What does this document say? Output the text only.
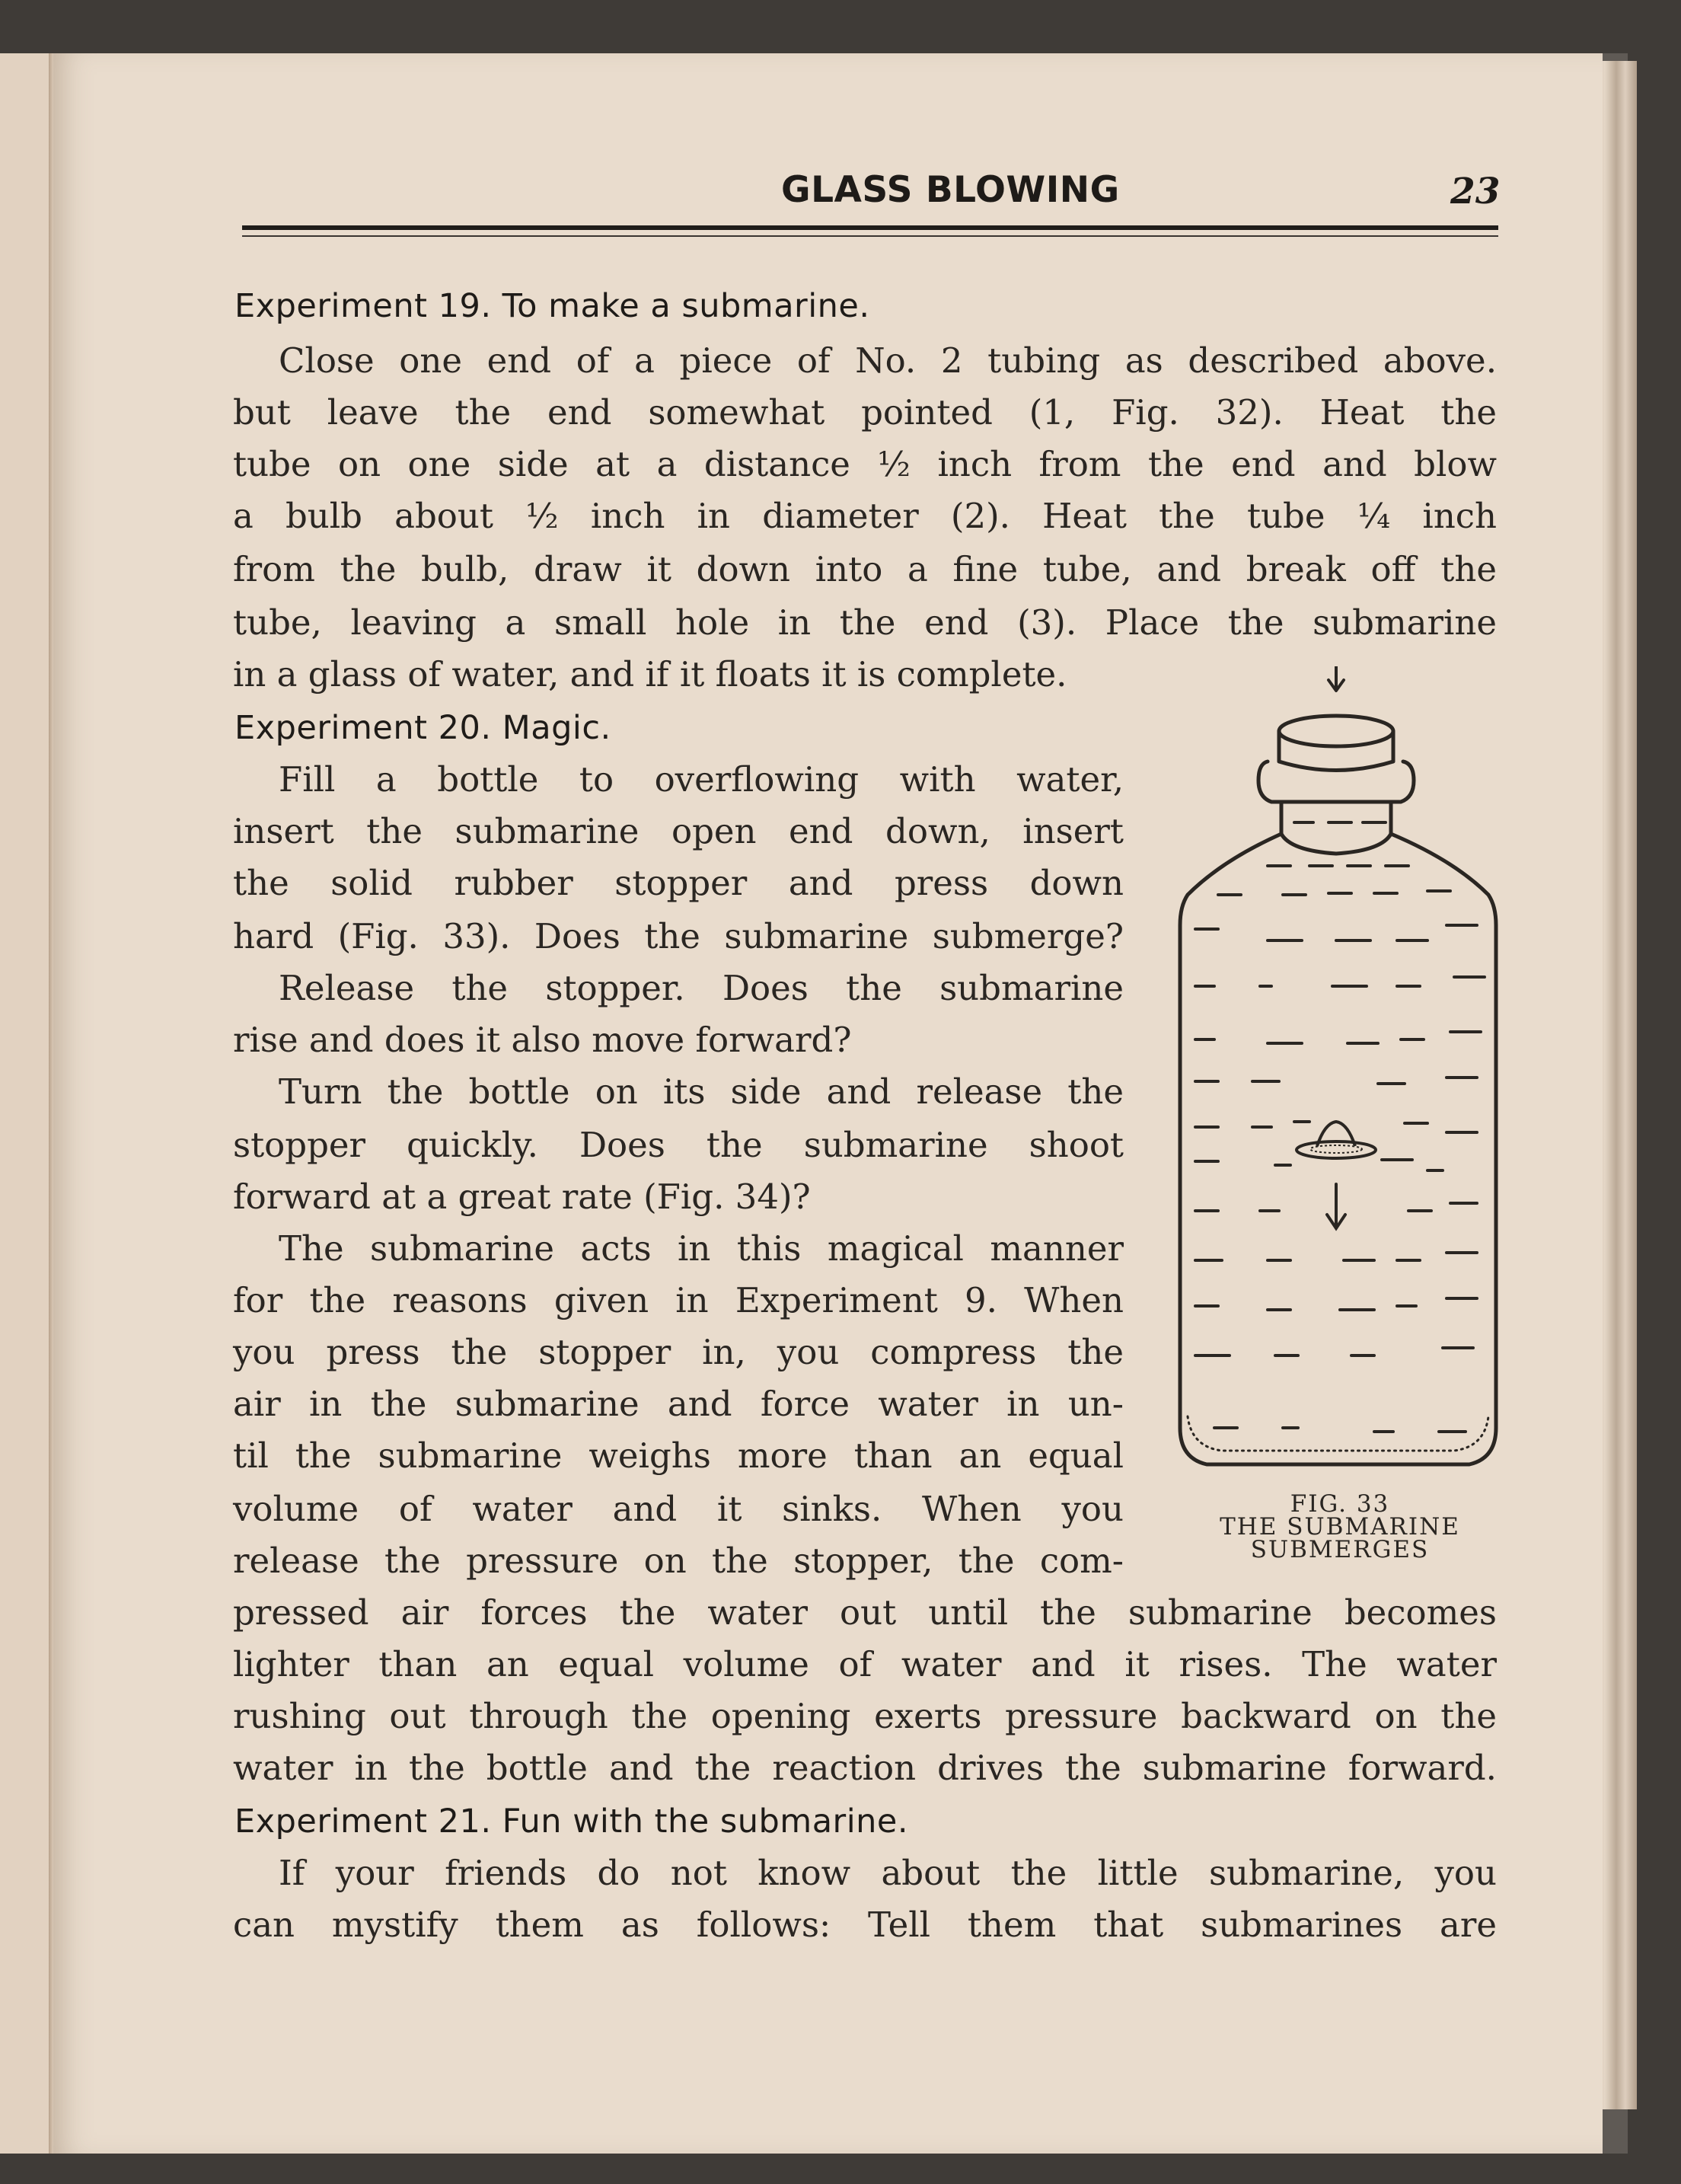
GLASS BLOWING	23
Experiment 19. To make a submarine.
Close one end of a piece of No. 2 tubing as described above.
but leave the end somewhat pointed (1, Fig. 32). Heat the
tube on one side at a distance ½ inch from the end and blow
a bulb about ½ inch in diameter (2). Heat the tube ¼ inch
from the bulb, draw it down into a fine tube, and break off the
tube, leaving a small hole in the end (3). Place the submarine
in a glass of water, and if it floats it is complete.
Experiment 20. Magic.
Fill a bottle to overflowing with water,
insert the submarine open end down, insert
the solid rubber stopper and press down
hard (Fig. 33). Does the submarine submerge?
Release the stopper. Does the submarine
rise and does it also move forward?
Turn the bottle on its side and release the
stopper quickly. Does the submarine shoot
forward at a great rate (Fig. 34)?
The submarine acts in this magical manner
for the reasons given in Experiment 9. When
you press the stopper in, you compress the
air in the submarine and force water in un-
til the submarine weighs more than an equal
volume of water and it sinks. When you
release the pressure on the stopper, the com-
pressed air forces the water out until the submarine becomes
lighter than an equal volume of water and it rises. The water
rushing out through the opening exerts pressure backward on the
water in the bottle and the reaction drives the submarine forward.
Experiment 21. Fun with the submarine.
If your friends do not know about the little submarine, you
can mystify them as follows: Tell them that submarines are
FIG. 33
THE SUBMARINE
SUBMERGES
